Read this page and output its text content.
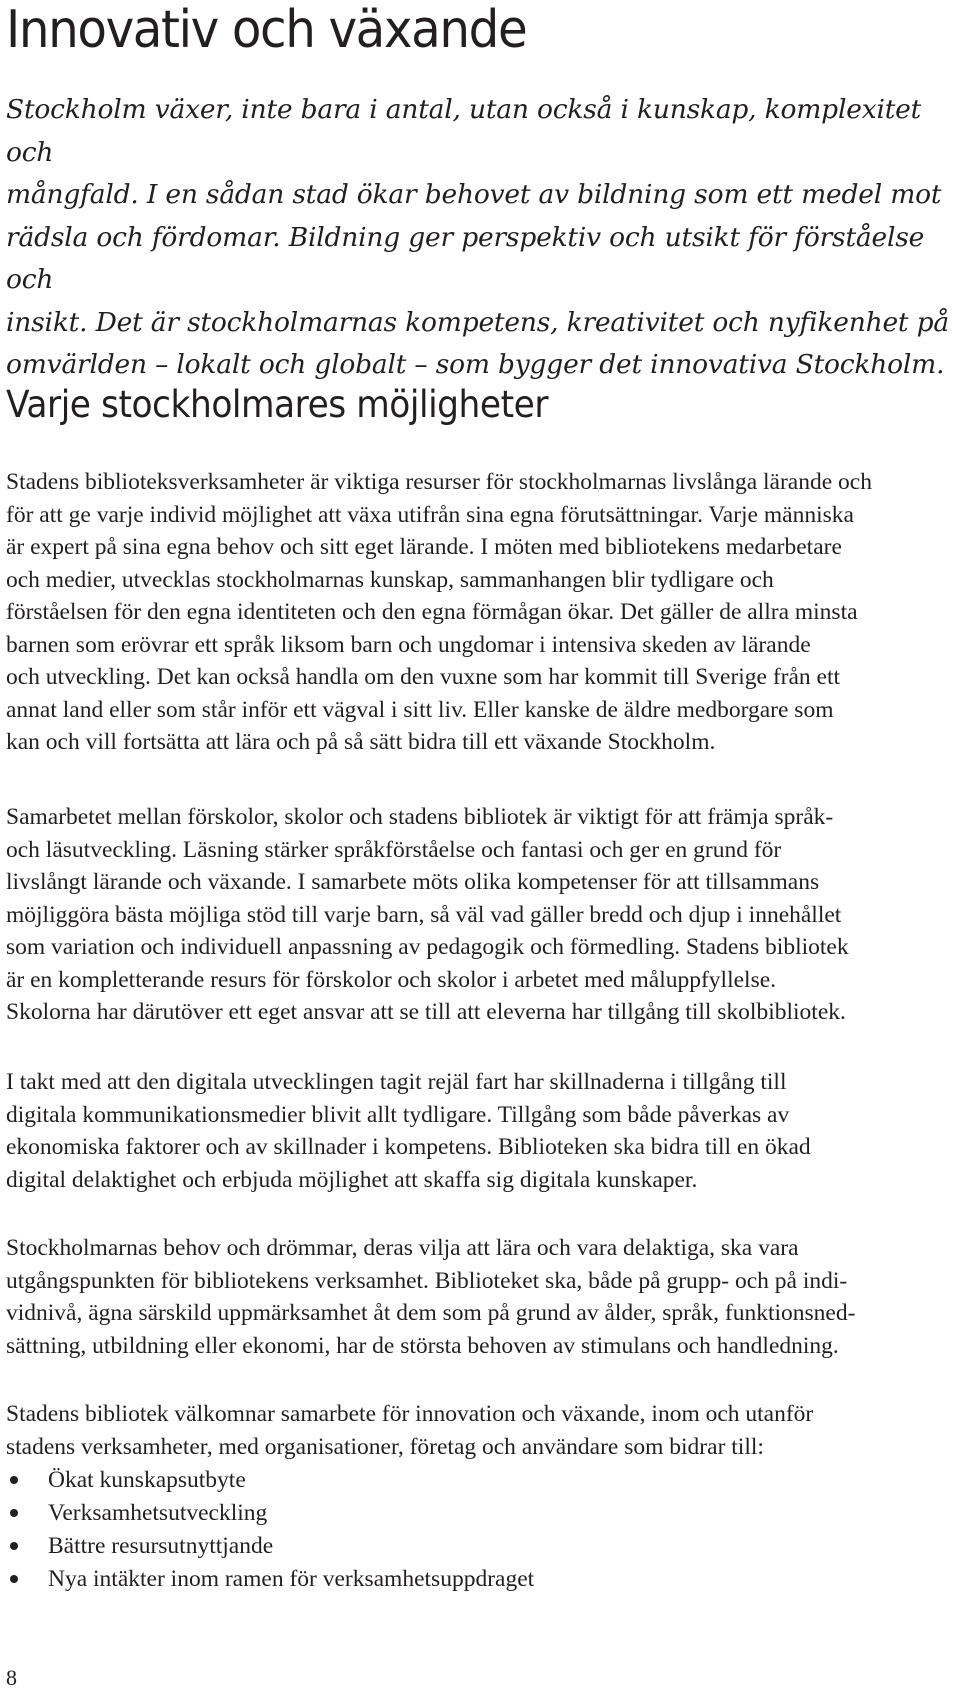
Innovativ och växande

Stockholm växer, inte bara i antal, utan också i kunskap, komplexitet och
mångfald. I en sådan stad ökar behovet av bildning som ett medel mot
rädsla och fördomar. Bildning ger perspektiv och utsikt för förståelse och
insikt. Det är stockholmarnas kompetens, kreativitet och nyfikenhet på
omvärlden – lokalt och globalt – som bygger det innovativa Stockholm.

Varje stockholmares möjligheter

Stadens biblioteksverksamheter är viktiga resurser för stockholmarnas livslånga lärande och
för att ge varje individ möjlighet att växa utifrån sina egna förutsättningar. Varje människa
är expert på sina egna behov och sitt eget lärande. I möten med bibliotekens medarbetare
och medier, utvecklas stockholmarnas kunskap, sammanhangen blir tydligare och
förståelsen för den egna identiteten och den egna förmågan ökar. Det gäller de allra minsta
barnen som erövrar ett språk liksom barn och ungdomar i intensiva skeden av lärande
och utveckling. Det kan också handla om den vuxne som har kommit till Sverige från ett
annat land eller som står inför ett vägval i sitt liv. Eller kanske de äldre medborgare som
kan och vill fortsätta att lära och på så sätt bidra till ett växande Stockholm.

Samarbetet mellan förskolor, skolor och stadens bibliotek är viktigt för att främja språk-
och läsutveckling. Läsning stärker språkförståelse och fantasi och ger en grund för
livslångt lärande och växande. I samarbete möts olika kompetenser för att tillsammans
möjliggöra bästa möjliga stöd till varje barn, så väl vad gäller bredd och djup i innehållet
som variation och individuell anpassning av pedagogik och förmedling. Stadens bibliotek
är en kompletterande resurs för förskolor och skolor i arbetet med måluppfyllelse.
Skolorna har därutöver ett eget ansvar att se till att eleverna har tillgång till skolbibliotek.

I takt med att den digitala utvecklingen tagit rejäl fart har skillnaderna i tillgång till
digitala kommunikationsmedier blivit allt tydligare. Tillgång som både påverkas av
ekonomiska faktorer och av skillnader i kompetens. Biblioteken ska bidra till en ökad
digital delaktighet och erbjuda möjlighet att skaffa sig digitala kunskaper.

Stockholmarnas behov och drömmar, deras vilja att lära och vara delaktiga, ska vara
utgångspunkten för bibliotekens verksamhet. Biblioteket ska, både på grupp- och på indi-
vidnivå, ägna särskild uppmärksamhet åt dem som på grund av ålder, språk, funktionsned-
sättning, utbildning eller ekonomi, har de största behoven av stimulans och handledning.

Stadens bibliotek välkomnar samarbete för innovation och växande, inom och utanför
stadens verksamheter, med organisationer, företag och användare som bidrar till:

Ökat kunskapsutbyte
Verksamhetsutveckling
Bättre resursutnyttjande
Nya intäkter inom ramen för verksamhetsuppdraget
8
